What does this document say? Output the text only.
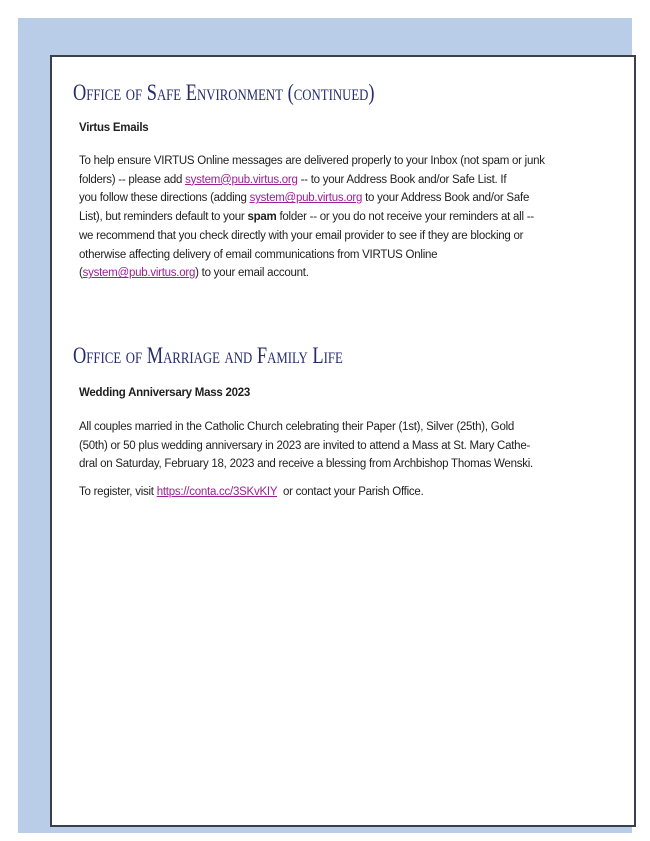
Office of Safe Environment (continued)
Virtus Emails
To help ensure VIRTUS Online messages are delivered properly to your Inbox (not spam or junk
folders) -- please add system@pub.virtus.org -- to your Address Book and/or Safe List. If
you follow these directions (adding system@pub.virtus.org to your Address Book and/or Safe
List), but reminders default to your spam folder -- or you do not receive your reminders at all --
we recommend that you check directly with your email provider to see if they are blocking or
otherwise affecting delivery of email communications from VIRTUS Online
(system@pub.virtus.org) to your email account.
Office of Marriage and Family Life
Wedding Anniversary Mass 2023
All couples married in the Catholic Church celebrating their Paper (1st), Silver (25th), Gold
(50th) or 50 plus wedding anniversary in 2023 are invited to attend a Mass at St. Mary Cathe-
dral on Saturday, February 18, 2023 and receive a blessing from Archbishop Thomas Wenski.
To register, visit https://conta.cc/3SKvKIY  or contact your Parish Office.
